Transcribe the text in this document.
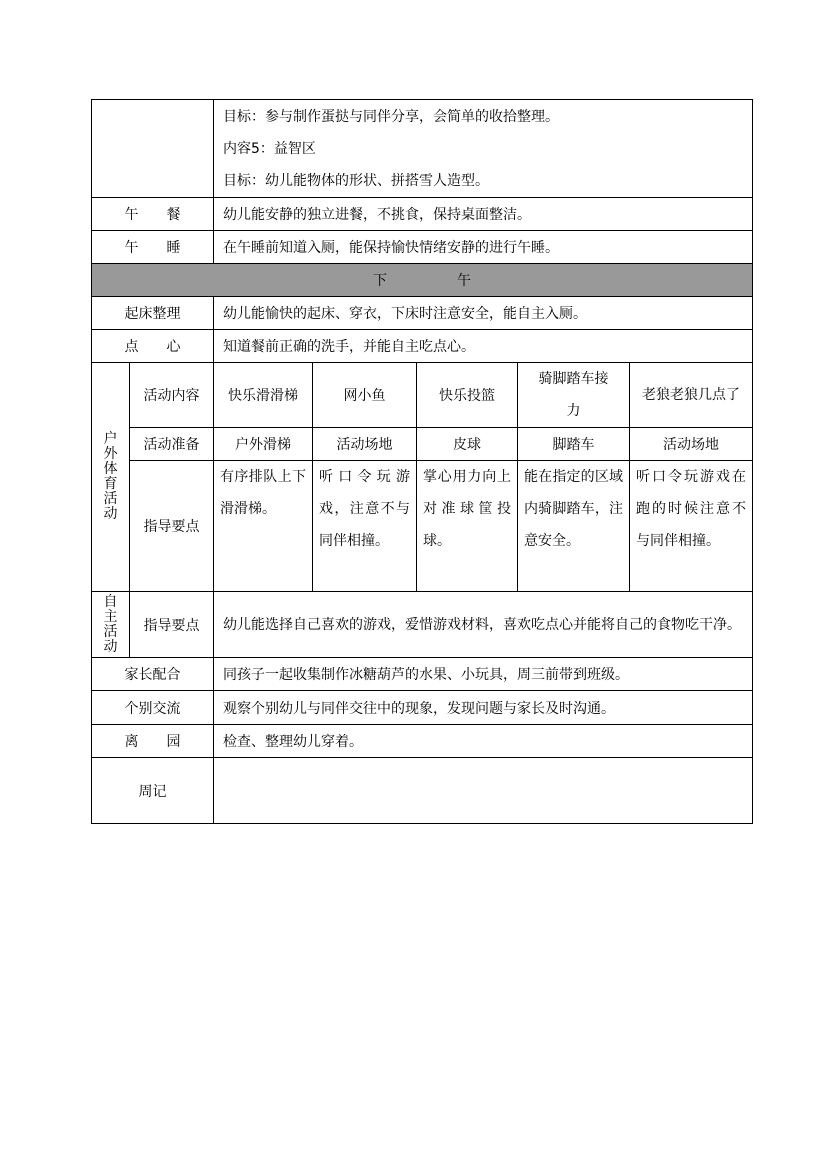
		目标：参与制作蛋挞与同伴分享，会简单的收拾整理。
内容5：益智区
目标：幼儿能物体的形状、拼搭雪人造型。				

午　　餐		幼儿能安静的独立进餐，不挑食，保持桌面整洁。				
午　　睡		在午睡前知道入厕，能保持愉快情绪安静的进行午睡。				
下　　　　　午						
起床整理		幼儿能愉快的起床、穿衣，下床时注意安全，能自主入厕。				
点　　心		知道餐前正确的洗手，并能自主吃点心。				

户外体育活动	活动内容	快乐滑滑梯	网小鱼	快乐投篮	骑脚踏车接力	老狼老狼几点了
	活动准备	户外滑梯	活动场地	皮球	脚踏车	活动场地
	指导要点	有序排队上下滑滑梯。	听口令玩游戏，注意不与同伴相撞。	掌心用力向上对准球筐投球。	能在指定的区域内骑脚踏车，注意安全。	听口令玩游戏在跑的时候注意不与同伴相撞。

自主活动	指导要点	幼儿能选择自己喜欢的游戏，爱惜游戏材料，喜欢吃点心并能将自己的食物吃干净。				
家长配合		同孩子一起收集制作冰糖葫芦的水果、小玩具，周三前带到班级。				
个别交流		观察个别幼儿与同伴交往中的现象，发现问题与家长及时沟通。				
离　　园		检查、整理幼儿穿着。				
周记						
